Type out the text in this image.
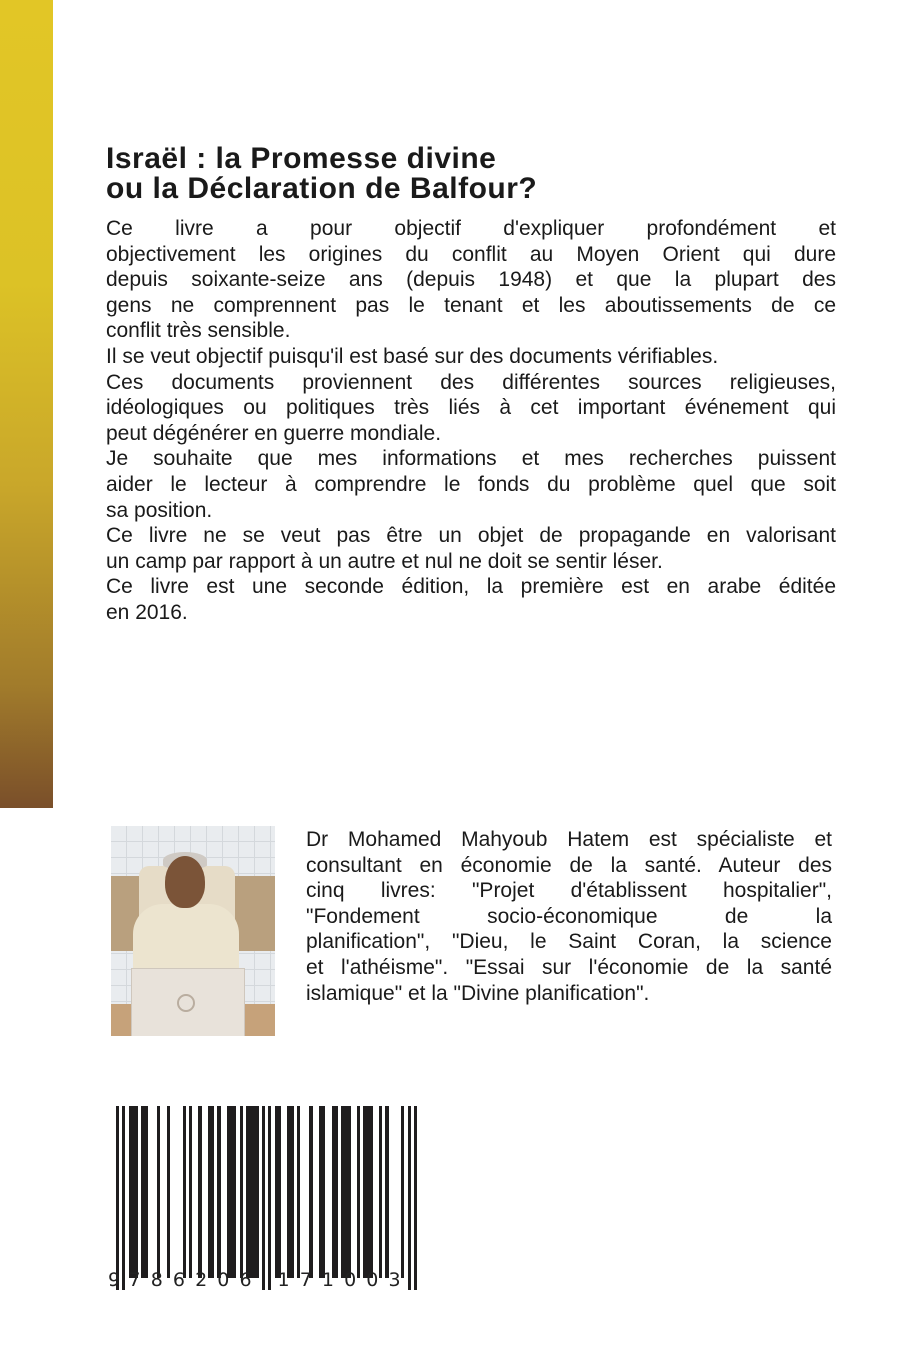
Israël : la Promesse divine
ou la Déclaration de Balfour?
Ce livre a pour objectif d'expliquer profondément et
objectivement les origines du conflit au Moyen Orient qui dure
depuis soixante-seize ans (depuis 1948) et que la plupart des
gens ne comprennent pas le tenant et les aboutissements de ce
conflit très sensible.
Il se veut objectif puisqu'il est basé sur des documents vérifiables.
Ces documents proviennent des différentes sources religieuses,
idéologiques ou politiques très liés à cet important événement qui
peut dégénérer en guerre mondiale.
Je souhaite que mes informations et mes recherches puissent
aider le lecteur à comprendre le fonds du problème quel que soit
sa position.
Ce livre ne se veut pas être un objet de propagande en valorisant
un camp par rapport à un autre et nul ne doit se sentir léser.
Ce livre est une seconde édition, la première est en arabe éditée
en 2016.
Dr Mohamed Mahyoub Hatem est spécialiste et
consultant en économie de la santé. Auteur des
cinq livres: "Projet d'établissent hospitalier",
"Fondement socio-économique de la
planification", "Dieu, le Saint Coran, la science
et l'athéisme". "Essai sur l'économie de la santé
islamique" et la "Divine planification".
9 7 8 6 2 0 6 1 7 1 0 0 3
